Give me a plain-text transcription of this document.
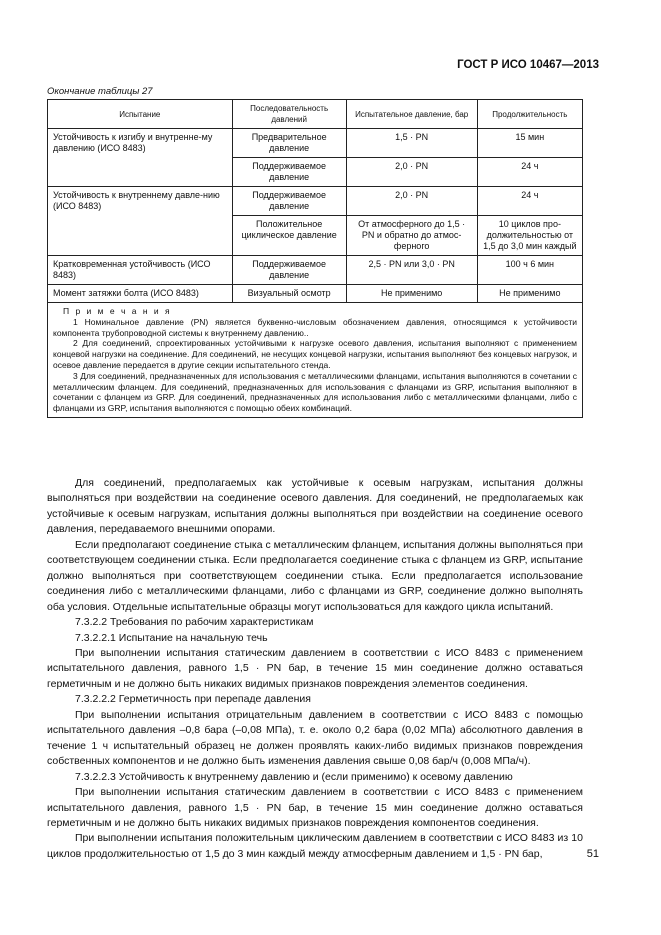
ГОСТ Р ИСО 10467—2013
Окончание таблицы 27
Испытание	Последовательность давлений	Испытательное давление, бар	Продолжительность
Устойчивость к изгибу и внутренне-му давлению (ИСО 8483)	Предварительное давление	1,5 · PN	15 мин
	Поддерживаемое давление	2,0 · PN	24 ч
Устойчивость к внутреннему давле-нию (ИСО 8483)	Поддерживаемое давление	2,0 · PN	24 ч
	Положительное циклическое давление	От атмосферного до 1,5 · PN и обратно до атмос-ферного	10 циклов про-должительностью от 1,5 до 3,0 мин каждый
Кратковременная устойчивость (ИСО 8483)	Поддерживаемое давление	2,5 · PN или 3,0 · PN	100 ч 6 мин
Момент затяжки болта (ИСО 8483)	Визуальный осмотр	Не применимо	Не применимо

П р и м е ч а н и я
1 Номинальное давление (PN) является буквенно-числовым обозначением давления, относящимся к устойчивости компонента трубопроводной системы к внутреннему давлению..
2 Для соединений, спроектированных устойчивыми к нагрузке осевого давления, испытания выполняют с применением концевой нагрузки на соединение. Для соединений, не несущих концевой нагрузки, испытания выполняют без концевых нагрузок, и осевое давление передается в другие секции испытательного стенда.
3 Для соединений, предназначенных для использования с металлическими фланцами, испытания выполняются в сочетании с металлическим фланцем. Для соединений, предназначенных для использования с фланцами из GRP, испытания выполняют в сочетании с фланцем из GRP. Для соединений, предназначенных для использования либо с металлическими фланцами, либо с фланцами из GRP, испытания выполняются с помощью обеих комбинаций.			

Для соединений, предполагаемых как устойчивые к осевым нагрузкам, испытания должны выполняться при воздействии на соединение осевого давления. Для соединений, не предполагаемых как устойчивые к осевым нагрузкам, испытания должны выполняться при воздействии на соединение осевого давления, передаваемого внешними опорами.

Если предполагают соединение стыка с металлическим фланцем, испытания должны выполняться при соответствующем соединении стыка. Если предполагается соединение стыка с фланцем из GRP, испытание должно выполняться при соответствующем соединении стыка. Если предполагается использование соединения либо с металлическими фланцами, либо с фланцами из GRP, соединение должно выполнять оба условия. Отдельные испытательные образцы могут использоваться для каждого цикла испытаний.

7.3.2.2 Требования по рабочим характеристикам

7.3.2.2.1 Испытание на начальную течь

При выполнении испытания статическим давлением в соответствии с ИСО 8483 с применением испытательного давления, равного 1,5 · PN бар, в течение 15 мин соединение должно оставаться герметичным и не должно быть никаких видимых признаков повреждения элементов соединения.

7.3.2.2.2 Герметичность при перепаде давления

При выполнении испытания отрицательным давлением в соответствии с ИСО 8483 с помощью испытательного давления –0,8 бара (–0,08 МПа), т. е. около 0,2 бара (0,02 МПа) абсолютного давления в течение 1 ч испытательный образец не должен проявлять каких-либо видимых признаков повреждения собственных компонентов и не должно быть изменения давления свыше 0,08 бар/ч (0,008 МПа/ч).

7.3.2.2.3 Устойчивость к внутреннему давлению и (если применимо) к осевому давлению

При выполнении испытания статическим давлением в соответствии с ИСО 8483 с применением испытательного давления, равного 1,5 · PN бар, в течение 15 мин соединение должно оставаться герметичным и не должно быть никаких видимых признаков повреждения компонентов соединения.

При выполнении испытания положительным циклическим давлением в соответствии с ИСО 8483 из 10 циклов продолжительностью от 1,5 до 3 мин каждый между атмосферным давлением и 1,5 · PN бар,	51
